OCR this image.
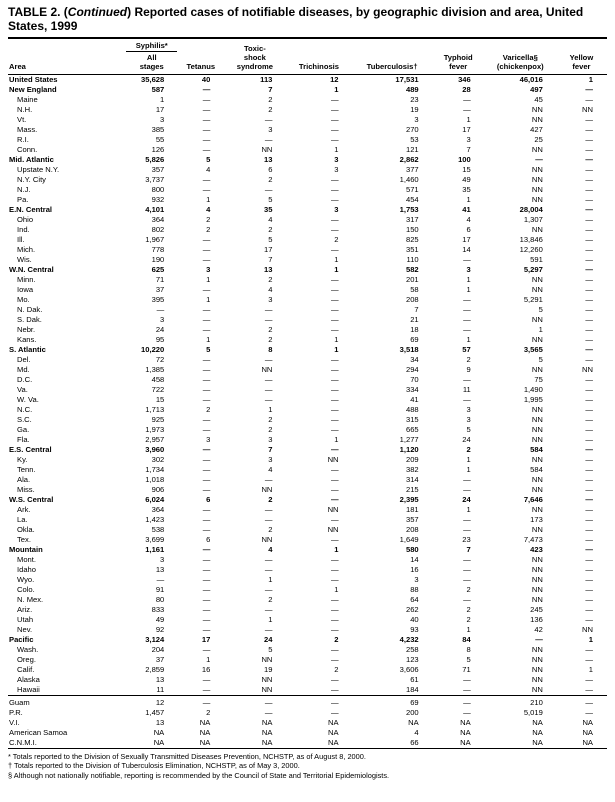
TABLE 2. (Continued) Reported cases of notifiable diseases, by geographic division and area, United States, 1999
Area

Syphilis*
All
stages	Tetanus

Toxic-
shock
syndrome	Trichinosis	Tuberculosis†

Typhoid
fever

Varicella§
(chickenpox)

Yellow
fever

United States	35,628	40	113	12	17,531	346	46,016	1
New England	587	—	7	1	489	28	497	—
Maine	1	—	2	—	23	—	45	—
N.H.	17	—	2	—	19	—	NN	NN
Vt.	3	—	—	—	3	1	NN	—
Mass.	385	—	3	—	270	17	427	—
R.I.	55	—	—	—	53	3	25	—
Conn.	126	—	NN	1	121	7	NN	—
Mid. Atlantic	5,826	5	13	3	2,862	100	—	—
Upstate N.Y.	357	4	6	3	377	15	NN	—
N.Y. City	3,737	—	2	—	1,460	49	NN	—
N.J.	800	—	—	—	571	35	NN	—
Pa.	932	1	5	—	454	1	NN	—
E.N. Central	4,101	4	35	3	1,753	41	28,004	—
Ohio	364	2	4	—	317	4	1,307	—
Ind.	802	2	2	—	150	6	NN	—
Ill.	1,967	—	5	2	825	17	13,846	—
Mich.	778	—	17	—	351	14	12,260	—
Wis.	190	—	7	1	110	—	591	—
W.N. Central	625	3	13	1	582	3	5,297	—
Minn.	71	1	2	—	201	1	NN	—
Iowa	37	—	4	—	58	1	NN	—
Mo.	395	1	3	—	208	—	5,291	—
N. Dak.	—	—	—	—	7	—	5	—
S. Dak.	3	—	—	—	21	—	NN	—
Nebr.	24	—	2	—	18	—	1	—
Kans.	95	1	2	1	69	1	NN	—
S. Atlantic	10,220	5	8	1	3,518	57	3,565	—
Del.	72	—	—	—	34	2	5	—
Md.	1,385	—	NN	—	294	9	NN	NN
D.C.	458	—	—	—	70	—	75	—
Va.	722	—	—	—	334	11	1,490	—
W. Va.	15	—	—	—	41	—	1,995	—
N.C.	1,713	2	1	—	488	3	NN	—
S.C.	925	—	2	—	315	3	NN	—
Ga.	1,973	—	2	—	665	5	NN	—
Fla.	2,957	3	3	1	1,277	24	NN	—
E.S. Central	3,960	—	7	—	1,120	2	584	—
Ky.	302	—	3	NN	209	1	NN	—
Tenn.	1,734	—	4	—	382	1	584	—
Ala.	1,018	—	—	—	314	—	NN	—
Miss.	906	—	NN	—	215	—	NN	—
W.S. Central	6,024	6	2	—	2,395	24	7,646	—
Ark.	364	—	—	NN	181	1	NN	—
La.	1,423	—	—	—	357	—	173	—
Okla.	538	—	2	NN	208	—	NN	—
Tex.	3,699	6	NN	—	1,649	23	7,473	—
Mountain	1,161	—	4	1	580	7	423	—
Mont.	3	—	—	—	14	—	NN	—
Idaho	13	—	—	—	16	—	NN	—
Wyo.	—	—	1	—	3	—	NN	—
Colo.	91	—	—	1	88	2	NN	—
N. Mex.	80	—	2	—	64	—	NN	—
Ariz.	833	—	—	—	262	2	245	—
Utah	49	—	1	—	40	2	136	—
Nev.	92	—	—	—	93	1	42	NN
Pacific	3,124	17	24	2	4,232	84	—	1
Wash.	204	—	5	—	258	8	NN	—
Oreg.	37	1	NN	—	123	5	NN	—
Calif.	2,859	16	19	2	3,606	71	NN	1
Alaska	13	—	NN	—	61	—	NN	—
Hawaii	11	—	NN	—	184	—	NN	—
Guam	12	—	—	—	69	—	210	—
P.R.	1,457	2	—	—	200	—	5,019	—
V.I.	13	NA	NA	NA	NA	NA	NA	NA
American Samoa	NA	NA	NA	NA	4	NA	NA	NA
C.N.M.I.	NA	NA	NA	NA	66	NA	NA	NA
* Totals reported to the Division of Sexually Transmitted Diseases Prevention, NCHSTP, as of August 8, 2000.
† Totals reported to the Division of Tuberculosis Elimination, NCHSTP, as of May 3, 2000.
§ Although not nationally notifiable, reporting is recommended by the Council of State and Territorial Epidemiologists.
